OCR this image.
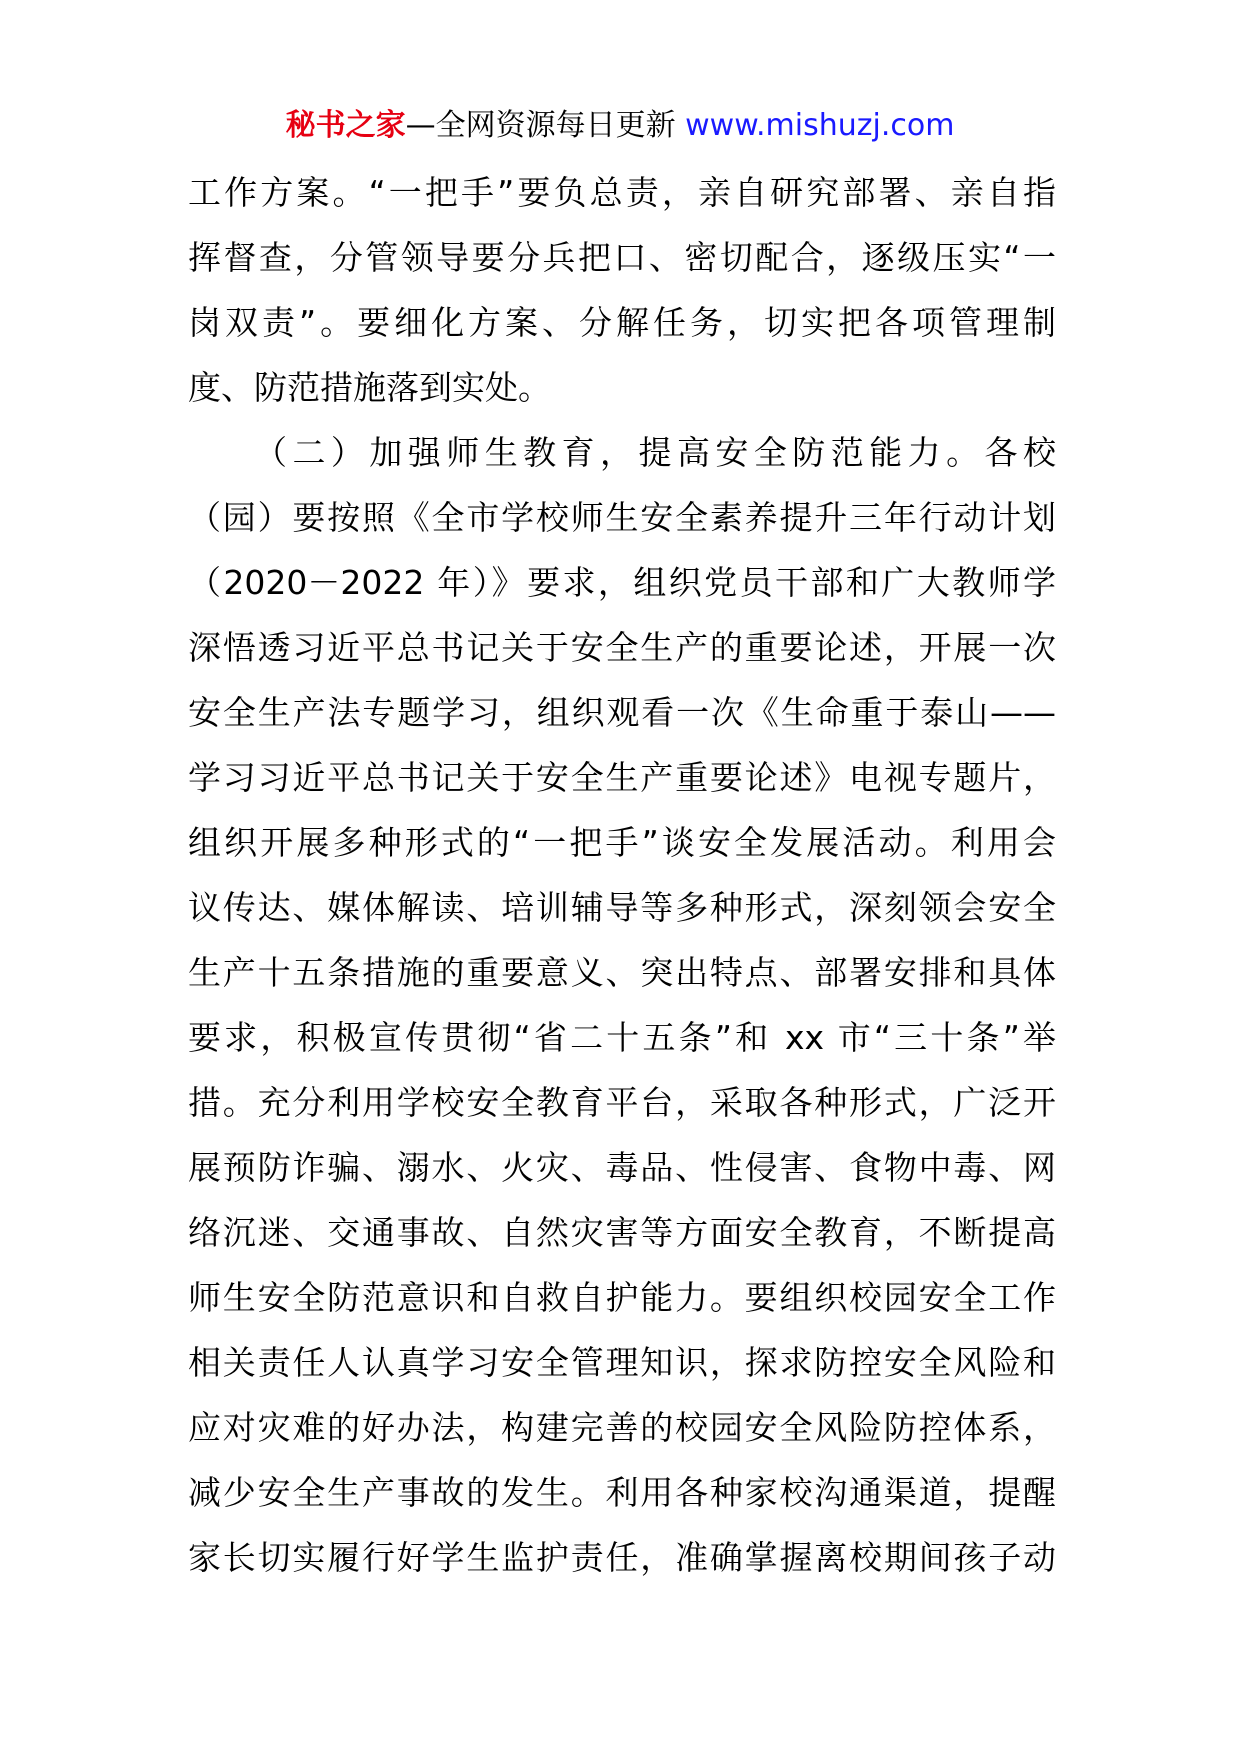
秘书之家—全网资源每日更新 www.mishuzj.com
工作方案。“一把手”要负总责，亲自研究部署、亲自指
挥督查，分管领导要分兵把口、密切配合，逐级压实“一
岗双责”。要细化方案、分解任务，切实把各项管理制
度、防范措施落到实处。
（二）加强师生教育，提高安全防范能力。各校
（园）要按照《全市学校师生安全素养提升三年行动计划
（2020－2022 年）》要求，组织党员干部和广大教师学
深悟透习近平总书记关于安全生产的重要论述，开展一次
安全生产法专题学习，组织观看一次《生命重于泰山——
学习习近平总书记关于安全生产重要论述》电视专题片，
组织开展多种形式的“一把手”谈安全发展活动。利用会
议传达、媒体解读、培训辅导等多种形式，深刻领会安全
生产十五条措施的重要意义、突出特点、部署安排和具体
要求，积极宣传贯彻“省二十五条”和 xx 市“三十条”举
措。充分利用学校安全教育平台，采取各种形式，广泛开
展预防诈骗、溺水、火灾、毒品、性侵害、食物中毒、网
络沉迷、交通事故、自然灾害等方面安全教育，不断提高
师生安全防范意识和自救自护能力。要组织校园安全工作
相关责任人认真学习安全管理知识，探求防控安全风险和
应对灾难的好办法，构建完善的校园安全风险防控体系，
减少安全生产事故的发生。利用各种家校沟通渠道，提醒
家长切实履行好学生监护责任，准确掌握离校期间孩子动
